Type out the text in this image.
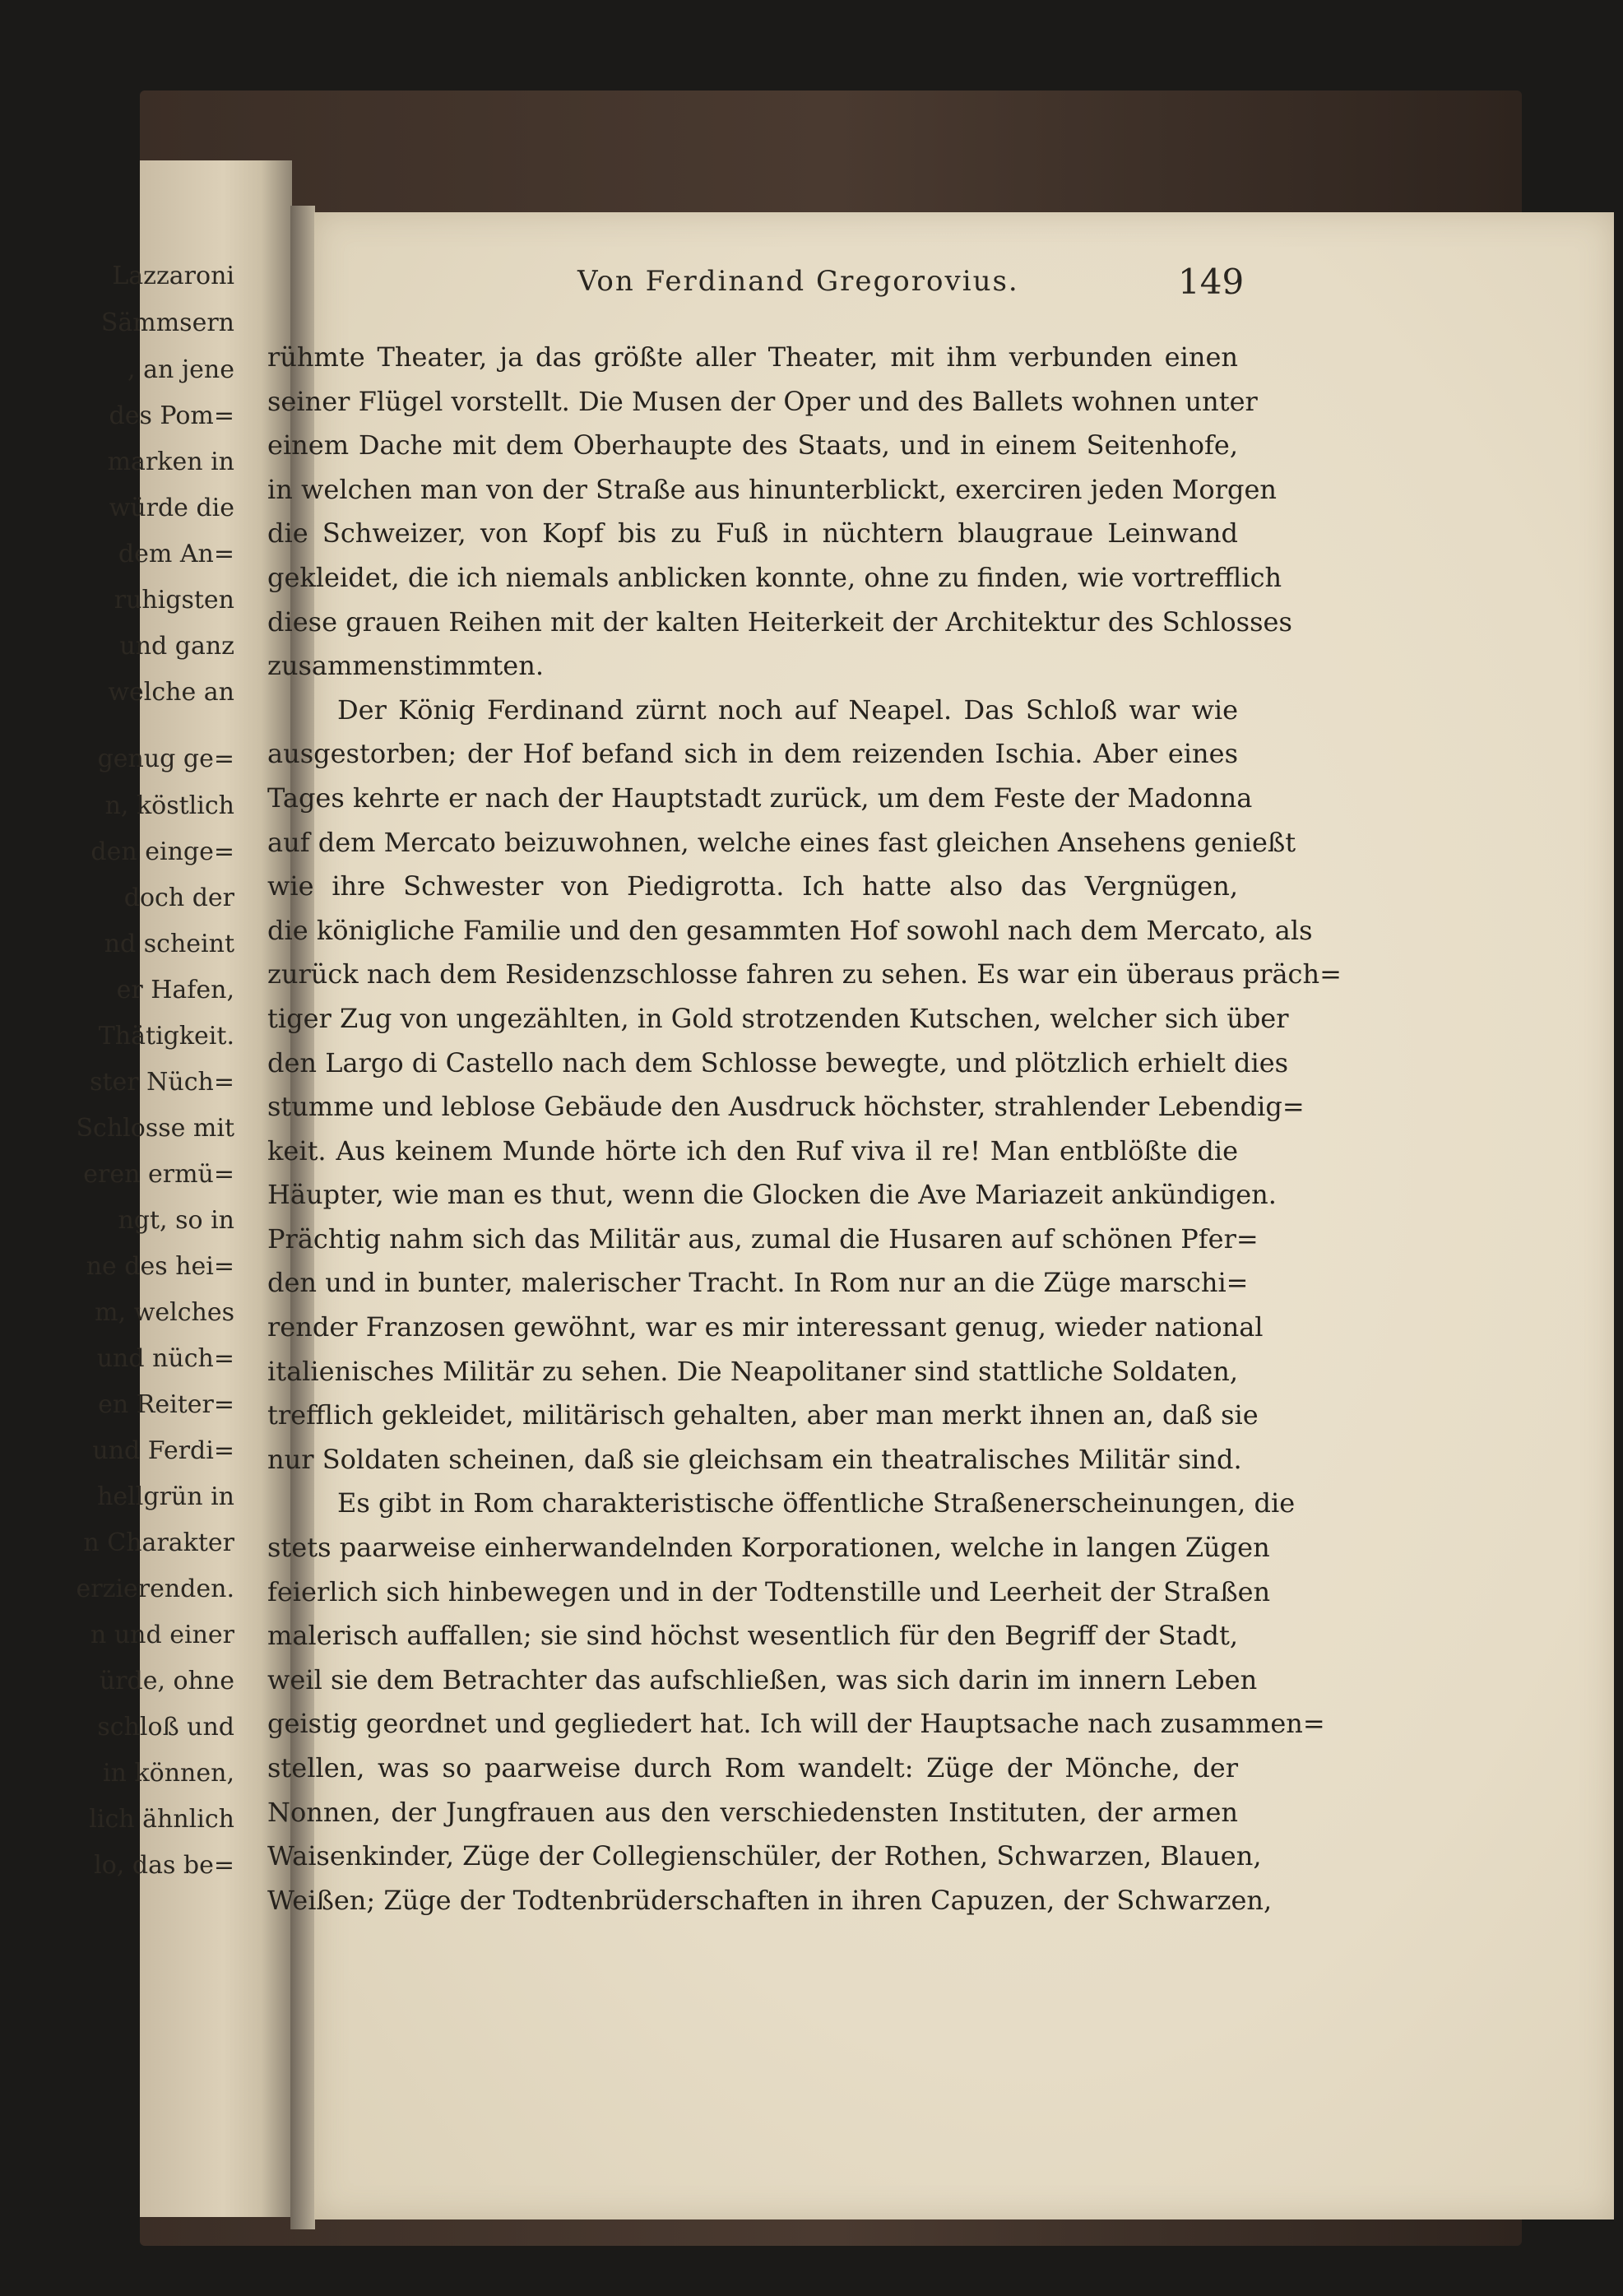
Lazzaroni
Sämmsern
, an jene
des Pom=
marken in
würde die
dem An=
ruhigsten
und ganz
welche an
genug ge=
n, köstlich
den einge=
doch der
nd scheint
er Hafen,
Thätigkeit.
ster Nüch=
Schlosse mit
eren ermü=
ngt, so in
ne des hei=
m, welches
und nüch=
en Reiter=
und Ferdi=
hellgrün in
n Charakter
erzierenden.
n und einer
ürde, ohne
schloß und
in können,
lich ähnlich
lo, das be=
Von Ferdinand Gregorovius.	149
rühmte Theater, ja das größte aller Theater, mit ihm verbunden einen
seiner Flügel vorstellt. Die Musen der Oper und des Ballets wohnen unter
einem Dache mit dem Oberhaupte des Staats, und in einem Seitenhofe,
in welchen man von der Straße aus hinunterblickt, exerciren jeden Morgen
die Schweizer, von Kopf bis zu Fuß in nüchtern blaugraue Leinwand
gekleidet, die ich niemals anblicken konnte, ohne zu finden, wie vortrefflich
diese grauen Reihen mit der kalten Heiterkeit der Architektur des Schlosses
zusammenstimmten.
Der König Ferdinand zürnt noch auf Neapel. Das Schloß war wie
ausgestorben; der Hof befand sich in dem reizenden Ischia. Aber eines
Tages kehrte er nach der Hauptstadt zurück, um dem Feste der Madonna
auf dem Mercato beizuwohnen, welche eines fast gleichen Ansehens genießt
wie ihre Schwester von Piedigrotta. Ich hatte also das Vergnügen,
die königliche Familie und den gesammten Hof sowohl nach dem Mercato, als
zurück nach dem Residenzschlosse fahren zu sehen. Es war ein überaus präch=
tiger Zug von ungezählten, in Gold strotzenden Kutschen, welcher sich über
den Largo di Castello nach dem Schlosse bewegte, und plötzlich erhielt dies
stumme und leblose Gebäude den Ausdruck höchster, strahlender Lebendig=
keit. Aus keinem Munde hörte ich den Ruf viva il re! Man entblößte die
Häupter, wie man es thut, wenn die Glocken die Ave Mariazeit ankündigen.
Prächtig nahm sich das Militär aus, zumal die Husaren auf schönen Pfer=
den und in bunter, malerischer Tracht. In Rom nur an die Züge marschi=
render Franzosen gewöhnt, war es mir interessant genug, wieder national
italienisches Militär zu sehen. Die Neapolitaner sind stattliche Soldaten,
trefflich gekleidet, militärisch gehalten, aber man merkt ihnen an, daß sie
nur Soldaten scheinen, daß sie gleichsam ein theatralisches Militär sind.
Es gibt in Rom charakteristische öffentliche Straßenerscheinungen, die
stets paarweise einherwandelnden Korporationen, welche in langen Zügen
feierlich sich hinbewegen und in der Todtenstille und Leerheit der Straßen
malerisch auffallen; sie sind höchst wesentlich für den Begriff der Stadt,
weil sie dem Betrachter das aufschließen, was sich darin im innern Leben
geistig geordnet und gegliedert hat. Ich will der Hauptsache nach zusammen=
stellen, was so paarweise durch Rom wandelt: Züge der Mönche, der
Nonnen, der Jungfrauen aus den verschiedensten Instituten, der armen
Waisenkinder, Züge der Collegienschüler, der Rothen, Schwarzen, Blauen,
Weißen; Züge der Todtenbrüderschaften in ihren Capuzen, der Schwarzen,
